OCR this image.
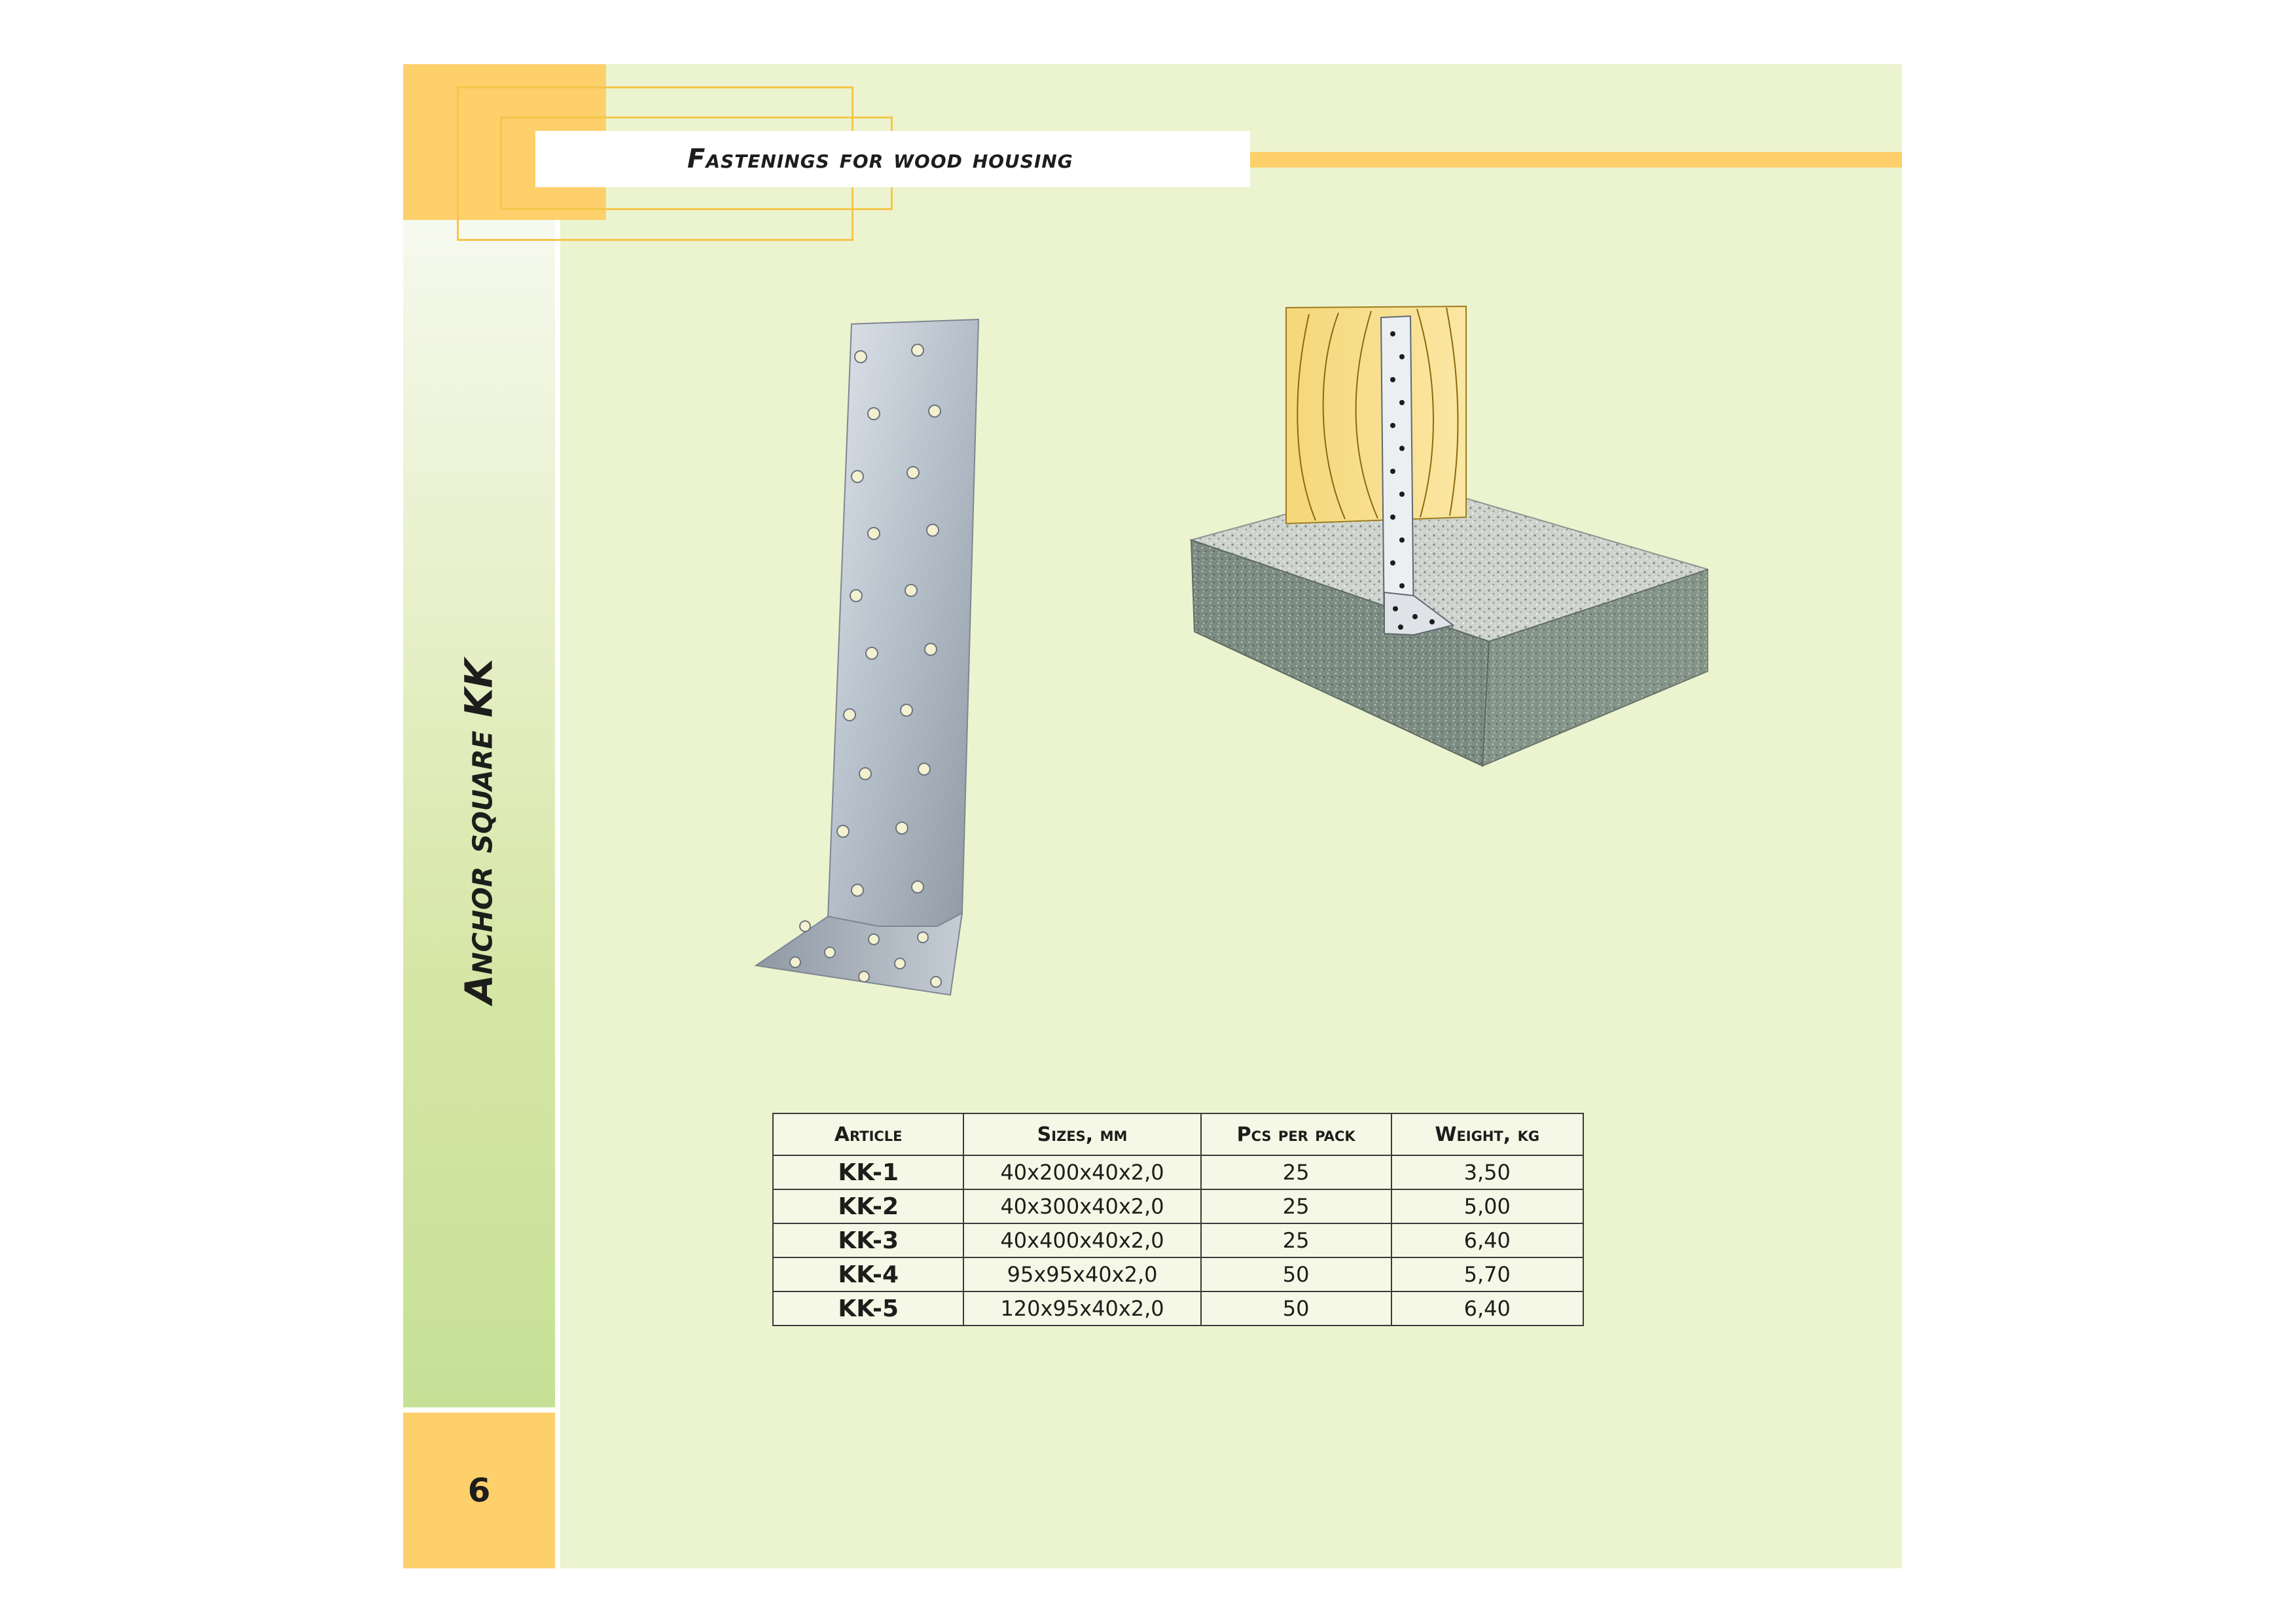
6
Fastenings for wood housing
Anchor square KK
Article	Sizes, mm	Pcs per pack	Weight, kg
KK-1	40x200x40x2,0	25	3,50
KK-2	40x300x40x2,0	25	5,00
KK-3	40x400x40x2,0	25	6,40
KK-4	95x95x40x2,0	50	5,70
KK-5	120x95x40x2,0	50	6,40
